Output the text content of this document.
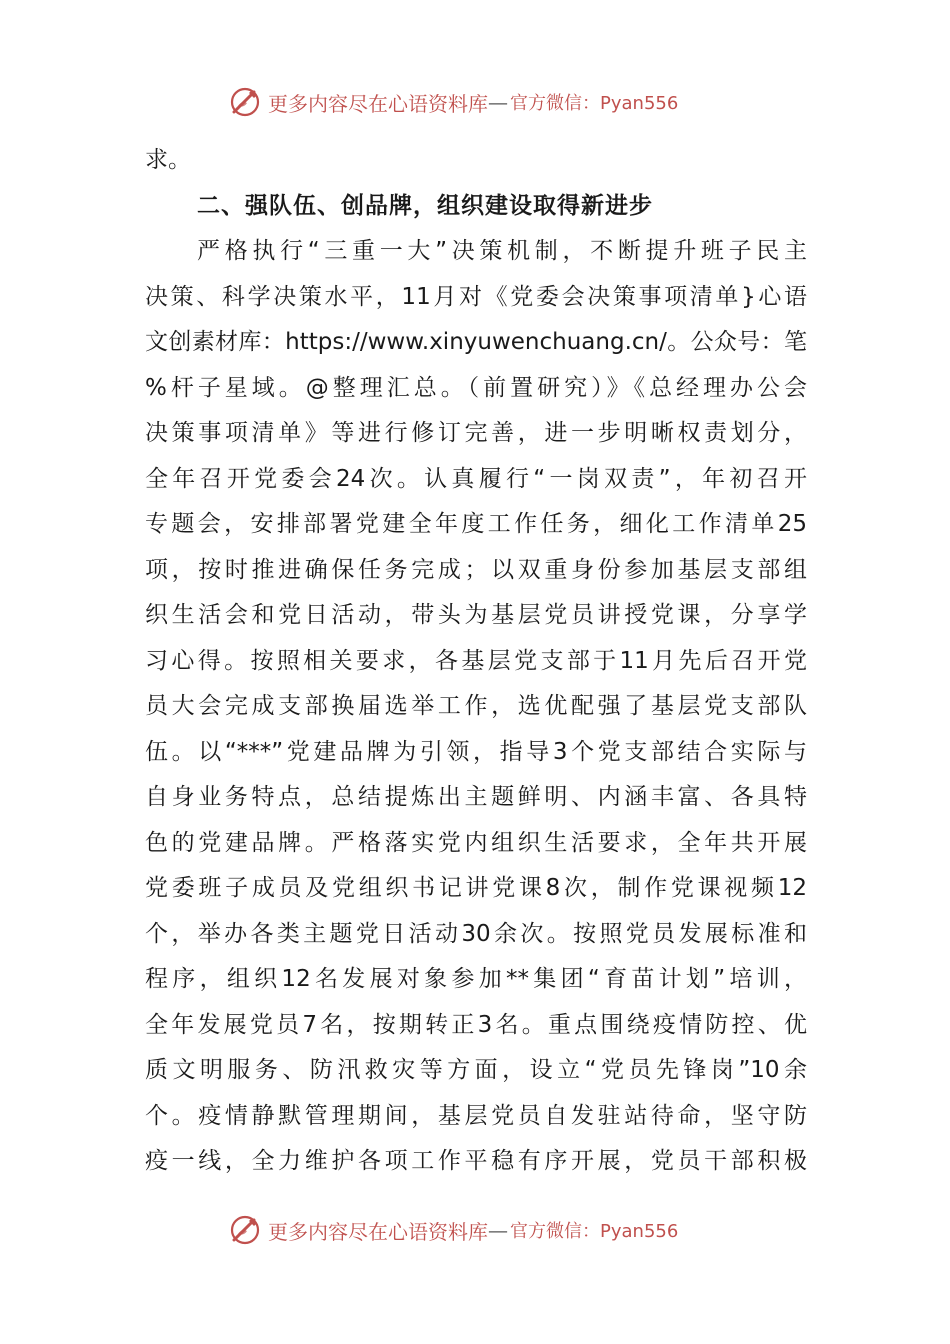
更多内容尽在心语资料库 — 官方微信：Pyan556
求。
二、强队伍、创品牌，组织建设取得新进步
严格执行“三重一大”决策机制，不断提升班子民主
决策、科学决策水平，11月对《党委会决策事项清单}心语
文创素材库：https://www.xinyuwenchuang.cn/。公众号：笔
%杆子星域。@整理汇总。（前置研究）》《总经理办公会
决策事项清单》等进行修订完善，进一步明晰权责划分，
全年召开党委会24次。认真履行“一岗双责”，年初召开
专题会，安排部署党建全年度工作任务，细化工作清单25
项，按时推进确保任务完成；以双重身份参加基层支部组
织生活会和党日活动，带头为基层党员讲授党课，分享学
习心得。按照相关要求，各基层党支部于11月先后召开党
员大会完成支部换届选举工作，选优配强了基层党支部队
伍。以“***”党建品牌为引领，指导3个党支部结合实际与
自身业务特点，总结提炼出主题鲜明、内涵丰富、各具特
色的党建品牌。严格落实党内组织生活要求，全年共开展
党委班子成员及党组织书记讲党课8次，制作党课视频12
个，举办各类主题党日活动30余次。按照党员发展标准和
程序，组织12名发展对象参加**集团“育苗计划”培训，
全年发展党员7名，按期转正3名。重点围绕疫情防控、优
质文明服务、防汛救灾等方面，设立“党员先锋岗”10余
个。疫情静默管理期间，基层党员自发驻站待命，坚守防
疫一线，全力维护各项工作平稳有序开展，党员干部积极
更多内容尽在心语资料库 — 官方微信：Pyan556
